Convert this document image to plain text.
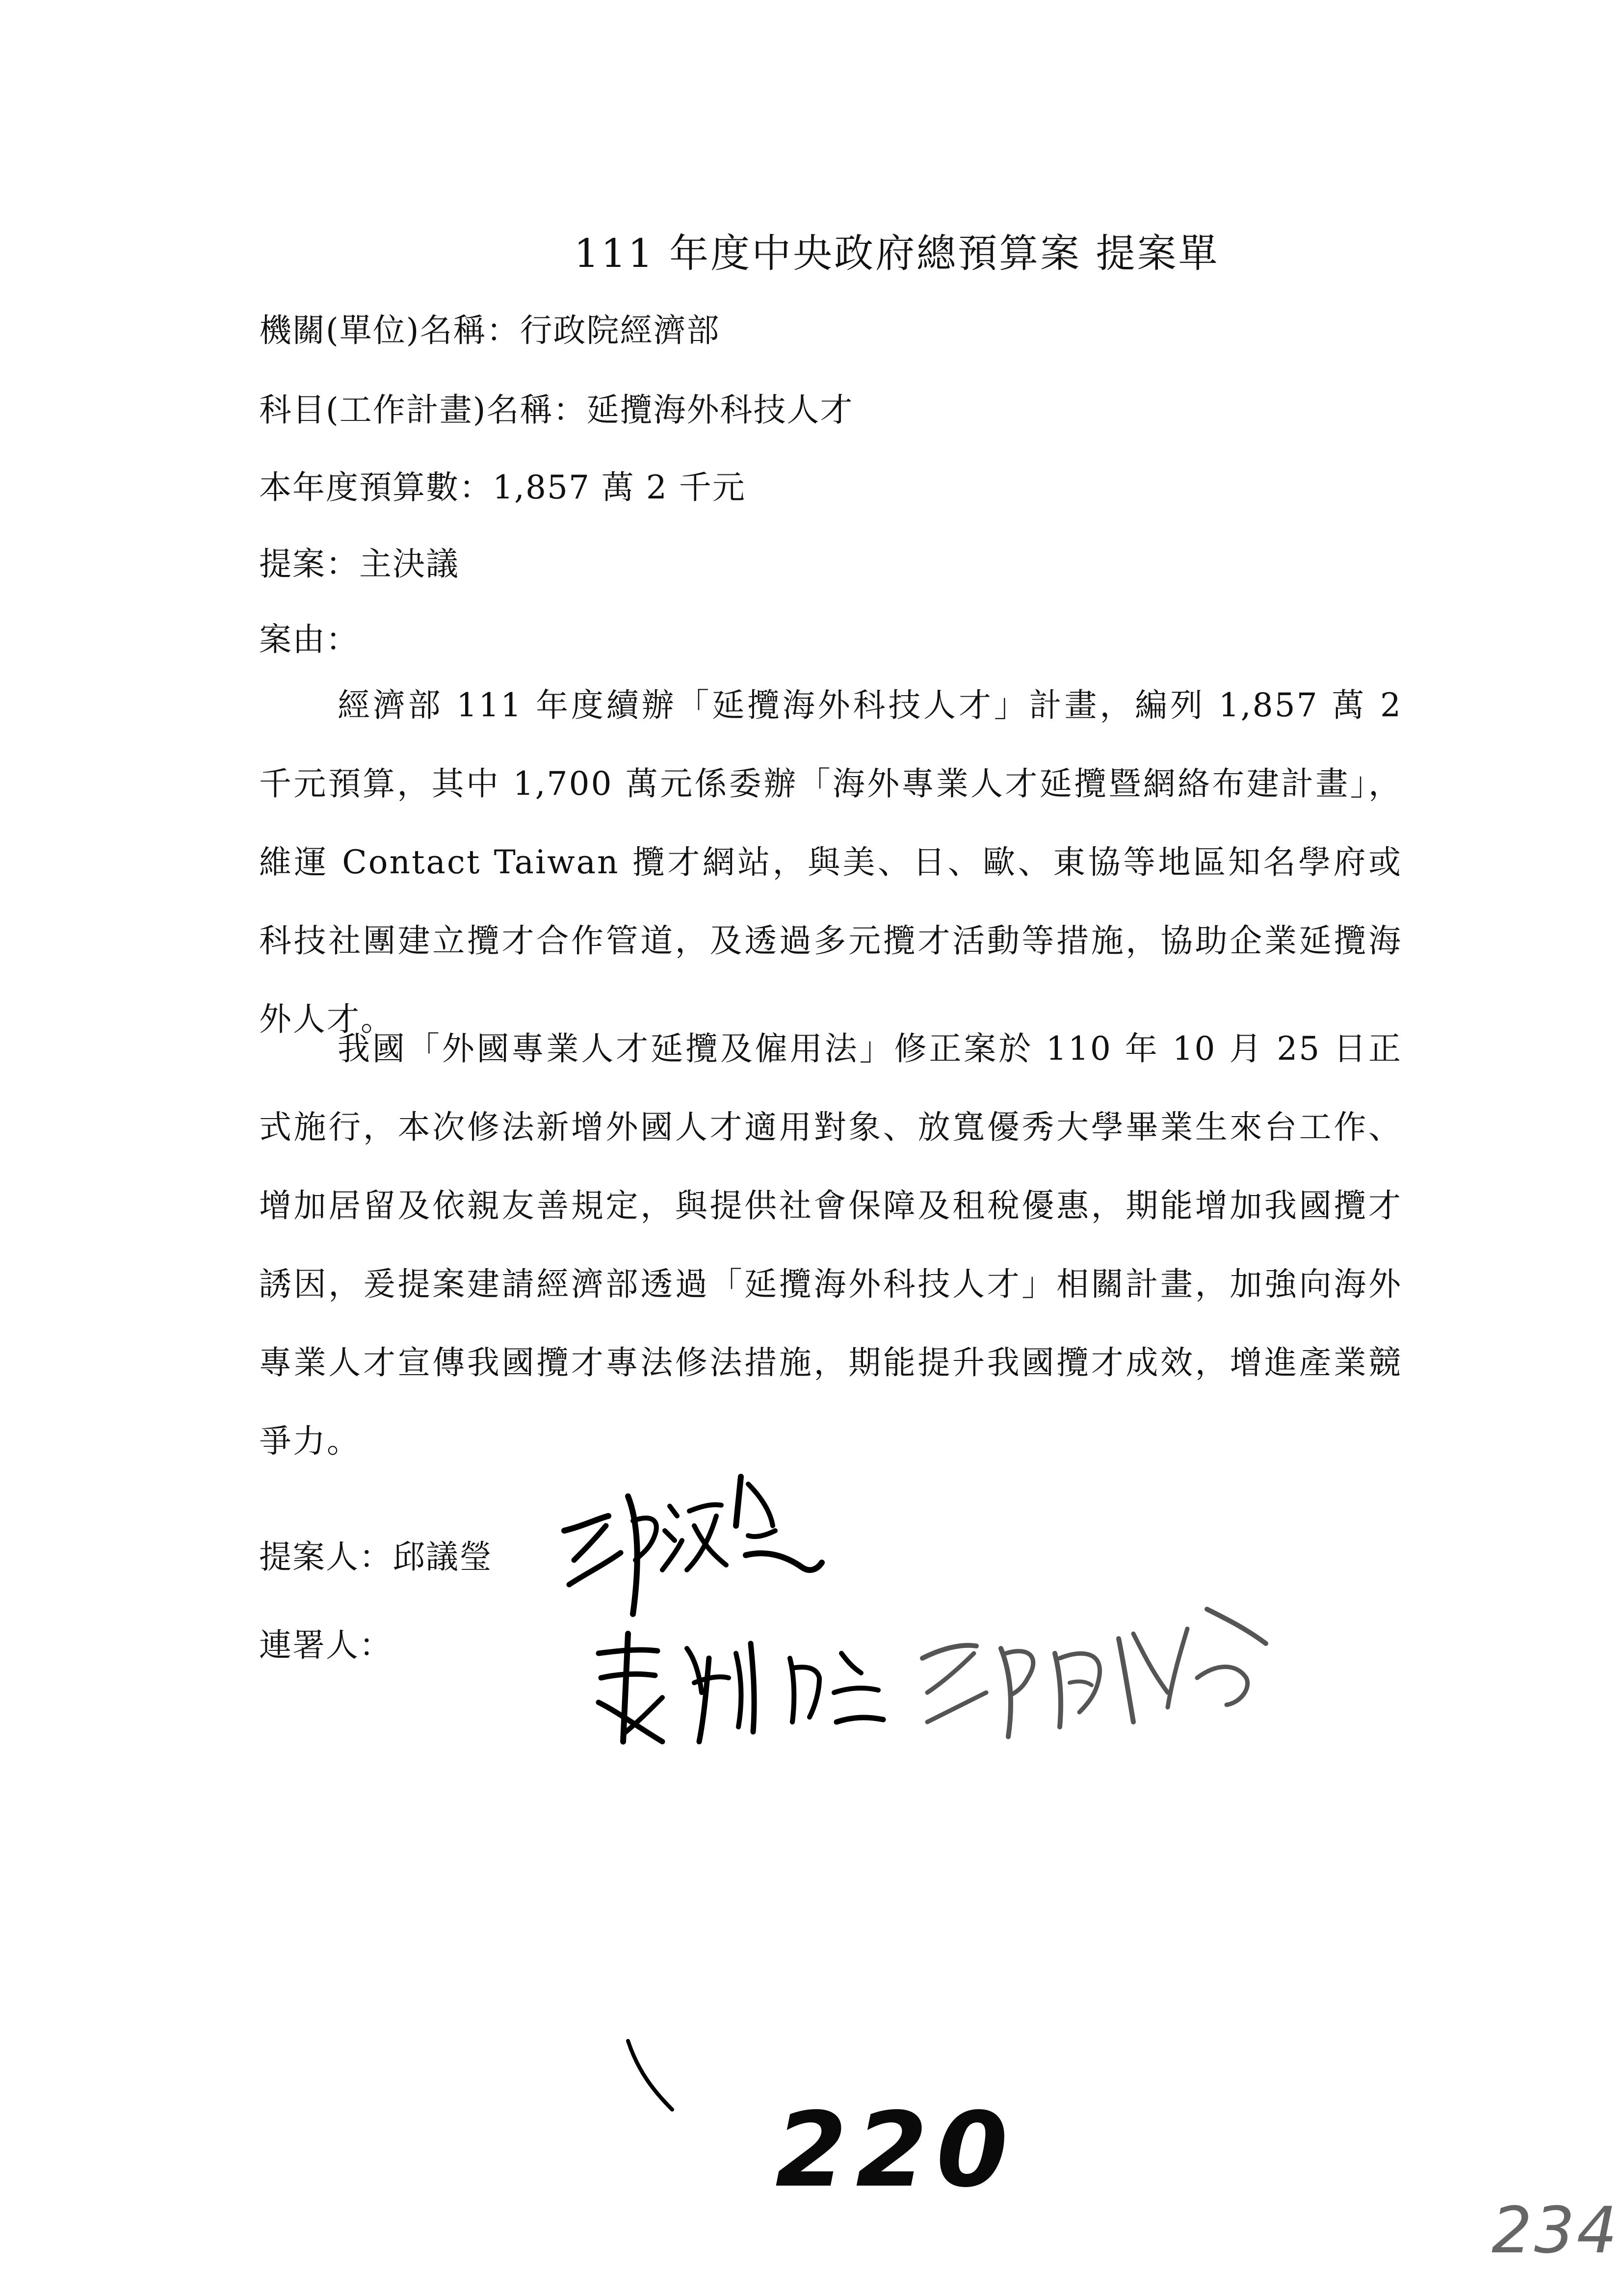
111 年度中央政府總預算案 提案單

機關(單位)名稱：行政院經濟部

科目(工作計畫)名稱：延攬海外科技人才

本年度預算數：1,857 萬 2 千元

提案：主決議

案由：

經濟部 111 年度續辦「延攬海外科技人才」計畫，編列 1,857 萬 2 千元預算，其中 1,700 萬元係委辦「海外專業人才延攬暨網絡布建計畫」，維運 Contact Taiwan 攬才網站，與美、日、歐、東協等地區知名學府或科技社團建立攬才合作管道，及透過多元攬才活動等措施，協助企業延攬海外人才。

我國「外國專業人才延攬及僱用法」修正案於 110 年 10 月 25 日正式施行，本次修法新增外國人才適用對象、放寬優秀大學畢業生來台工作、增加居留及依親友善規定，與提供社會保障及租稅優惠，期能增加我國攬才誘因，爰提案建請經濟部透過「延攬海外科技人才」相關計畫，加強向海外專業人才宣傳我國攬才專法修法措施，期能提升我國攬才成效，增進產業競爭力。

提案人：邱議瑩

連署人：

220
234
